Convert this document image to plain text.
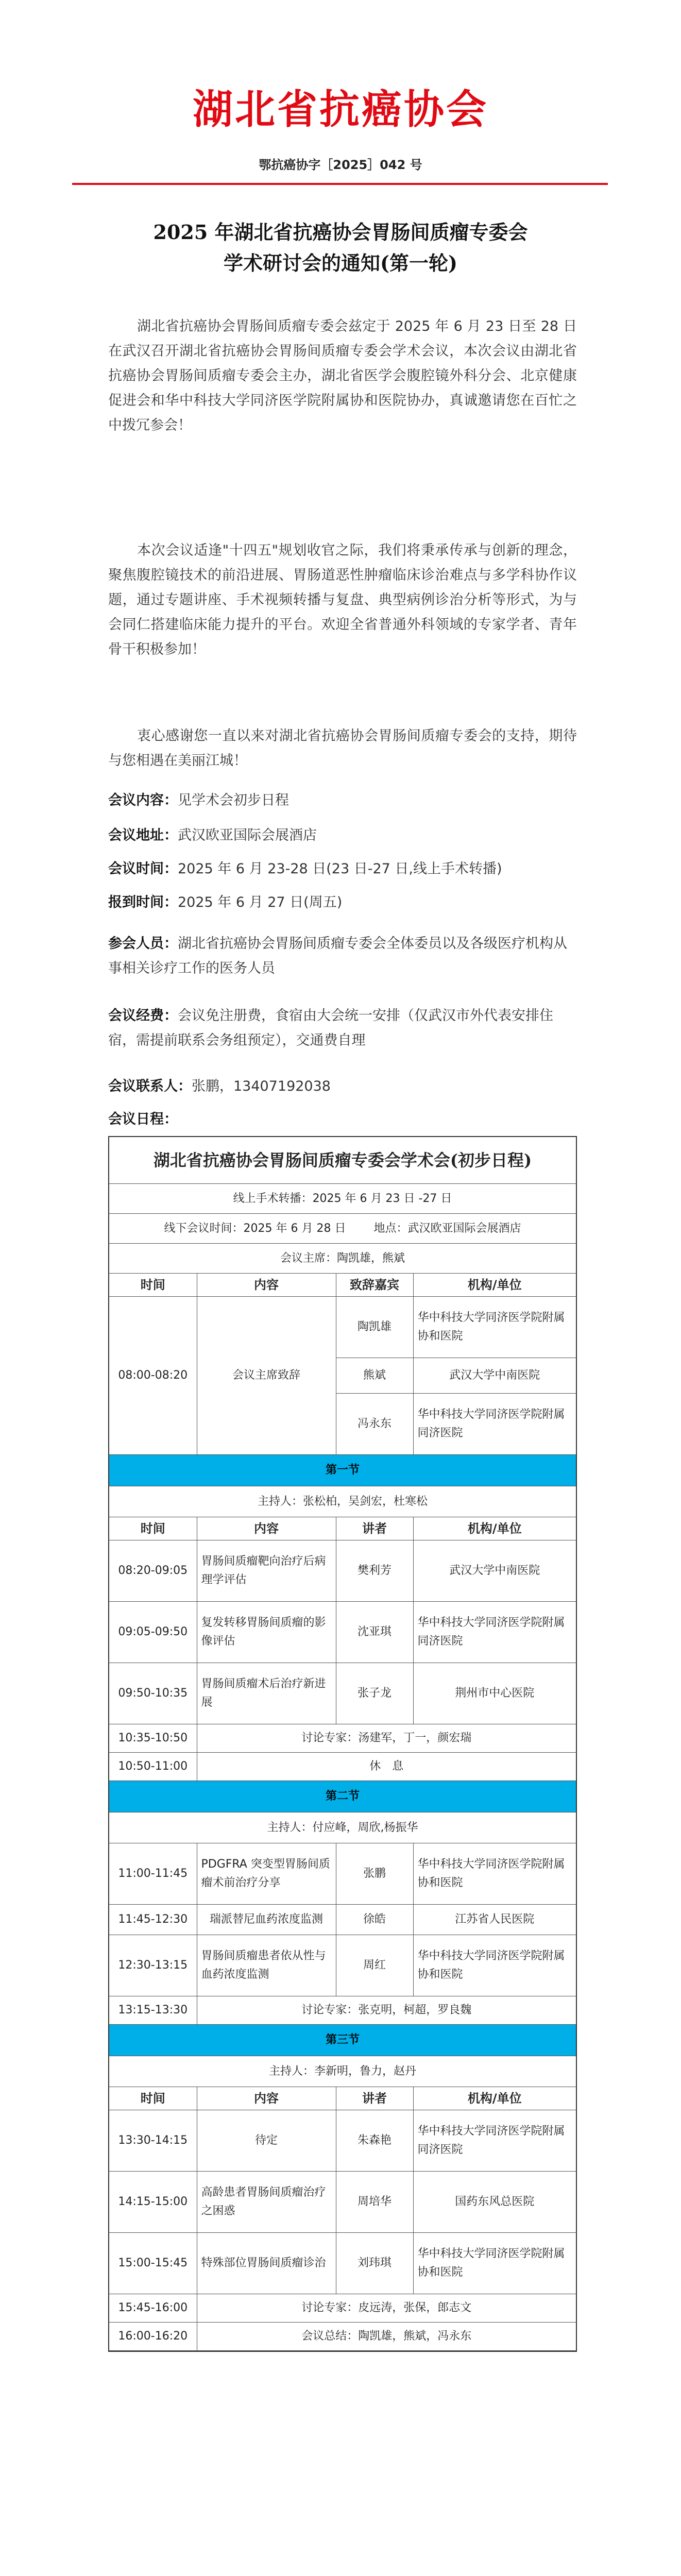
湖北省抗癌协会
鄂抗癌协字［2025］042 号
2025 年湖北省抗癌协会胃肠间质瘤专委会
学术研讨会的通知(第一轮)

湖北省抗癌协会胃肠间质瘤专委会兹定于 2025 年 6 月 23 日至 28 日在武汉召开湖北省抗癌协会胃肠间质瘤专委会学术会议，本次会议由湖北省抗癌协会胃肠间质瘤专委会主办，湖北省医学会腹腔镜外科分会、北京健康促进会和华中科技大学同济医学院附属协和医院协办，真诚邀请您在百忙之中拨冗参会！

本次会议适逢"十四五"规划收官之际，我们将秉承传承与创新的理念，聚焦腹腔镜技术的前沿进展、胃肠道恶性肿瘤临床诊治难点与多学科协作议题，通过专题讲座、手术视频转播与复盘、典型病例诊治分析等形式，为与会同仁搭建临床能力提升的平台。欢迎全省普通外科领域的专家学者、青年骨干积极参加！

衷心感谢您一直以来对湖北省抗癌协会胃肠间质瘤专委会的支持，期待与您相遇在美丽江城！

会议内容：见学术会初步日程

会议地址：武汉欧亚国际会展酒店

会议时间：2025 年 6 月 23-28 日(23 日-27 日,线上手术转播)

报到时间：2025 年 6 月 27 日(周五)

参会人员：湖北省抗癌协会胃肠间质瘤专委会全体委员以及各级医疗机构从事相关诊疗工作的医务人员

会议经费：会议免注册费，食宿由大会统一安排（仅武汉市外代表安排住宿，需提前联系会务组预定），交通费自理

会议联系人：张鹏，13407192038

会议日程：
湖北省抗癌协会胃肠间质瘤专委会学术会(初步日程)
线上手术转播：2025 年 6 月 23 日 -27 日
线下会议时间：2025 年 6 月 28 日 地点：武汉欧亚国际会展酒店
会议主席：陶凯雄，熊斌
时间	内容	致辞嘉宾	机构/单位
08:00-08:20	会议主席致辞	陶凯雄	华中科技大学同济医学院附属协和医院
		熊斌	武汉大学中南医院
		冯永东	华中科技大学同济医学院附属同济医院
第一节
主持人：张松柏，吴剑宏，杜寒松
时间	内容	讲者	机构/单位
08:20-09:05	胃肠间质瘤靶向治疗后病理学评估	樊利芳	武汉大学中南医院
09:05-09:50	复发转移胃肠间质瘤的影像评估	沈亚琪	华中科技大学同济医学院附属同济医院
09:50-10:35	胃肠间质瘤术后治疗新进展	张子龙	荆州市中心医院
10:35-10:50	讨论专家：汤建军，丁一，颜宏瑞		
10:50-11:00	休　息		
第二节
主持人：付应峰，周欣,杨振华
11:00-11:45	PDGFRA 突变型胃肠间质瘤术前治疗分享	张鹏	华中科技大学同济医学院附属协和医院
11:45-12:30	瑞派替尼血药浓度监测	徐皓	江苏省人民医院
12:30-13:15	胃肠间质瘤患者依从性与血药浓度监测	周红	华中科技大学同济医学院附属协和医院
13:15-13:30	讨论专家：张克明，柯超，罗良魏		
第三节
主持人：李新明，鲁力，赵丹
时间	内容	讲者	机构/单位
13:30-14:15	待定	朱森艳	华中科技大学同济医学院附属同济医院
14:15-15:00	高龄患者胃肠间质瘤治疗之困惑	周培华	国药东风总医院
15:00-15:45	特殊部位胃肠间质瘤诊治	刘玮琪	华中科技大学同济医学院附属协和医院
15:45-16:00	讨论专家：皮远涛，张保，郎志文		
16:00-16:20	会议总结：陶凯雄，熊斌，冯永东		
